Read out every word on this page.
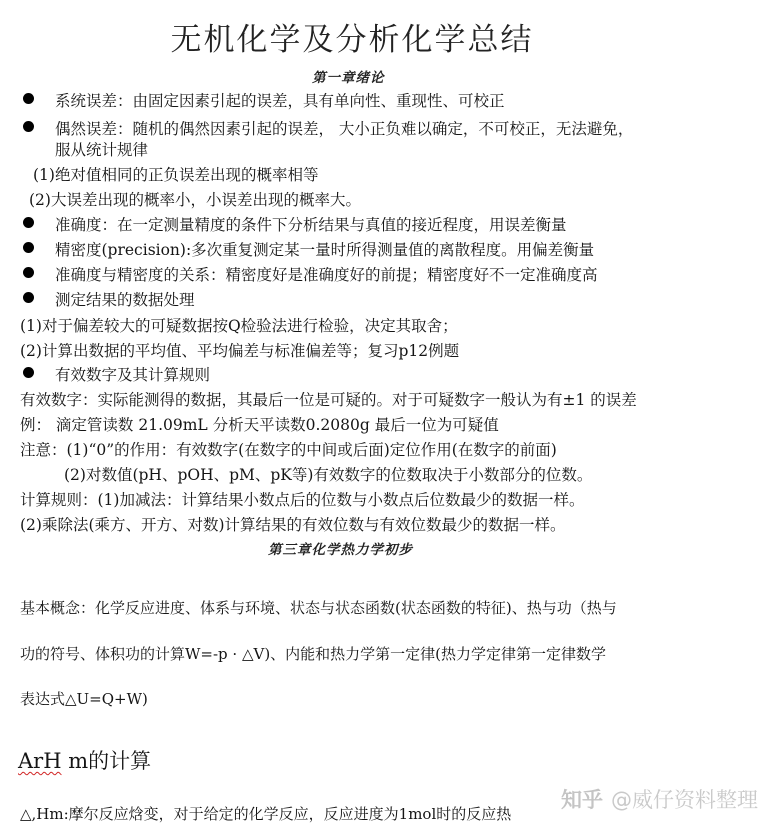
无机化学及分析化学总结
第一章绪论
系统误差：由固定因素引起的误差，具有单向性、重现性、可校正
偶然误差：随机的偶然因素引起的误差， 大小正负难以确定，不可校正，无法避免，
服从统计规律
(1)绝对值相同的正负误差出现的概率相等
(2)大误差出现的概率小，小误差出现的概率大。
准确度：在一定测量精度的条件下分析结果与真值的接近程度，用误差衡量
精密度(precision):多次重复测定某一量时所得测量值的离散程度。用偏差衡量
准确度与精密度的关系：精密度好是准确度好的前提；精密度好不一定准确度高
测定结果的数据处理
(1)对于偏差较大的可疑数据按Q检验法进行检验，决定其取舍；
(2)计算出数据的平均值、平均偏差与标准偏差等；复习p12例题
有效数字及其计算规则
有效数字：实际能测得的数据，其最后一位是可疑的。对于可疑数字一般认为有±1 的误差
例： 滴定管读数 21.09mL 分析天平读数0.2080g 最后一位为可疑值
注意：(1)“0”的作用：有效数字(在数字的中间或后面)定位作用(在数字的前面)
(2)对数值(pH、pOH、pM、pK等)有效数字的位数取决于小数部分的位数。
计算规则：(1)加减法：计算结果小数点后的位数与小数点后位数最少的数据一样。
(2)乘除法(乘方、开方、对数)计算结果的有效位数与有效位数最少的数据一样。
第三章化学热力学初步
基本概念：化学反应进度、体系与环境、状态与状态函数(状态函数的特征)、热与功（热与
功的符号、体积功的计算W=-p · △V)、内能和热力学第一定律(热力学定律第一定律数学
表达式△U=Q+W)
ArH m的计算
△,Hm:摩尔反应焓变，对于给定的化学反应，反应进度为1mol时的反应热
知乎 @威仔资料整理
